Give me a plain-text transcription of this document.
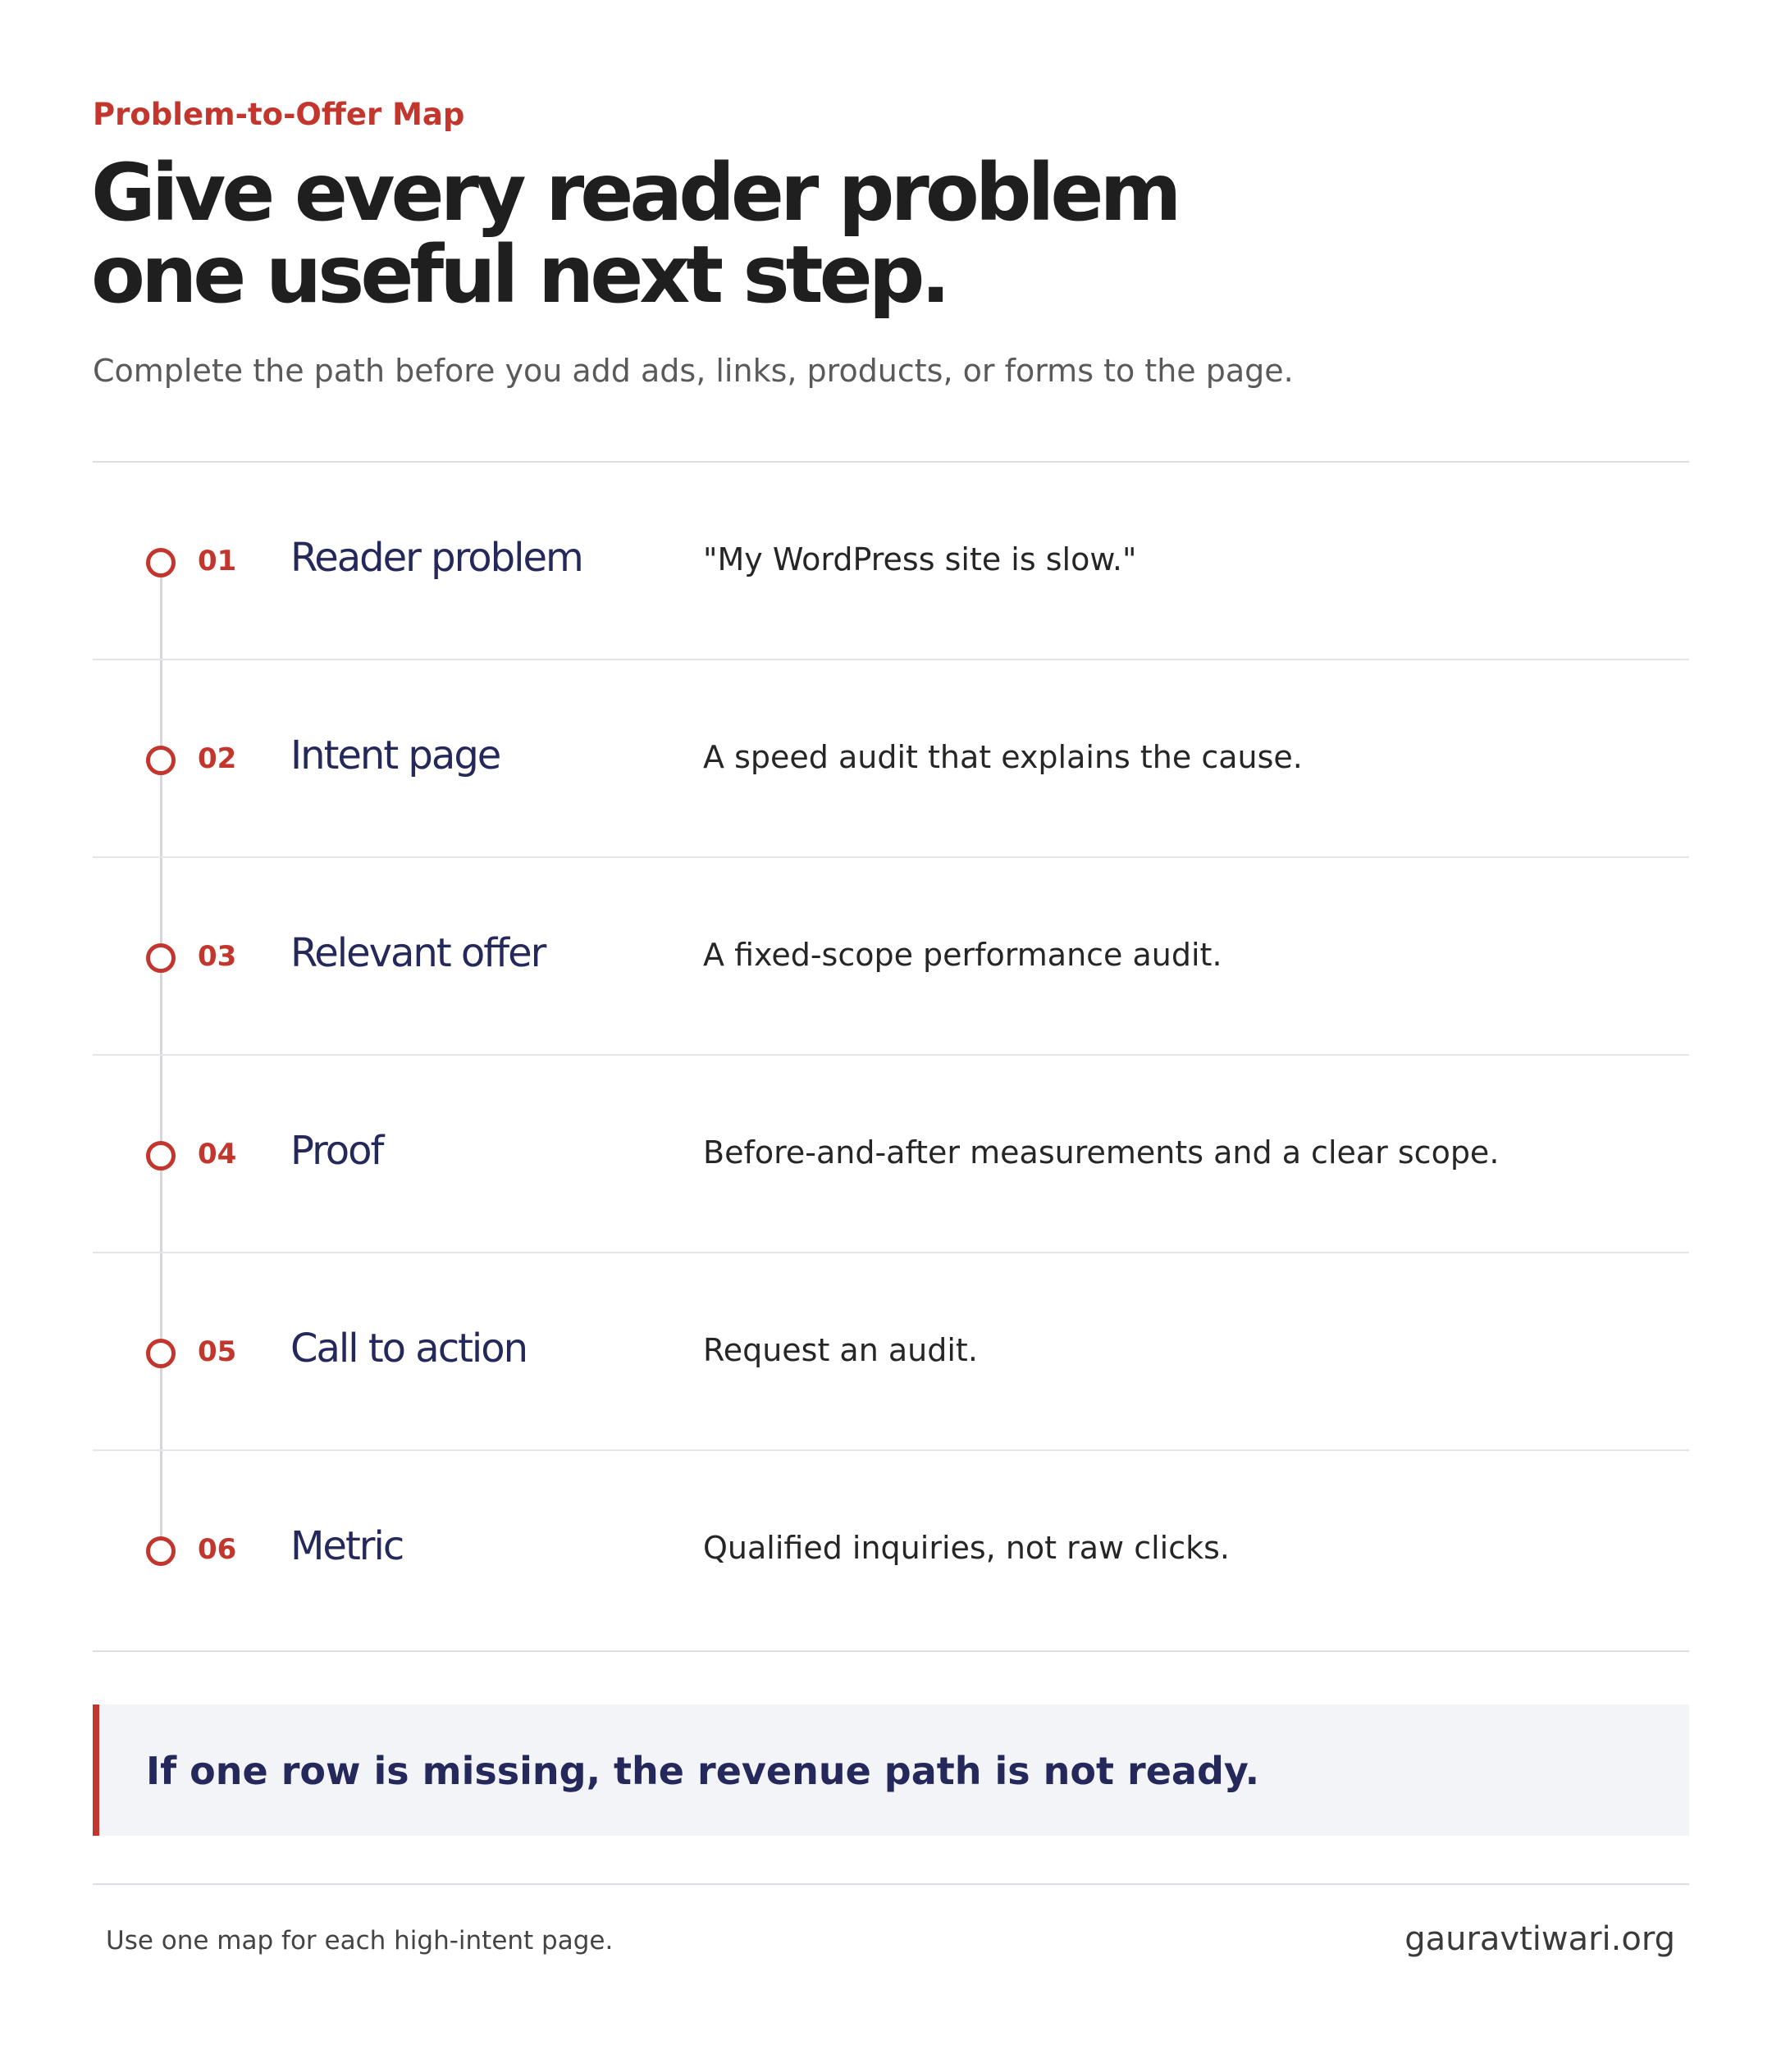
Problem-to-Offer Map
Give every reader problem
one useful next step.

Complete the path before you add ads, links, products, or forms to the page.

01 Reader problem	"My WordPress site is slow."
02 Intent page	A speed audit that explains the cause.
03 Relevant offer	A fixed-scope performance audit.
04 Proof	Before-and-after measurements and a clear scope.
05 Call to action	Request an audit.
06 Metric	Qualified inquiries, not raw clicks.
If one row is missing, the revenue path is not ready.
Use one map for each high-intent page.	gauravtiwari.org
